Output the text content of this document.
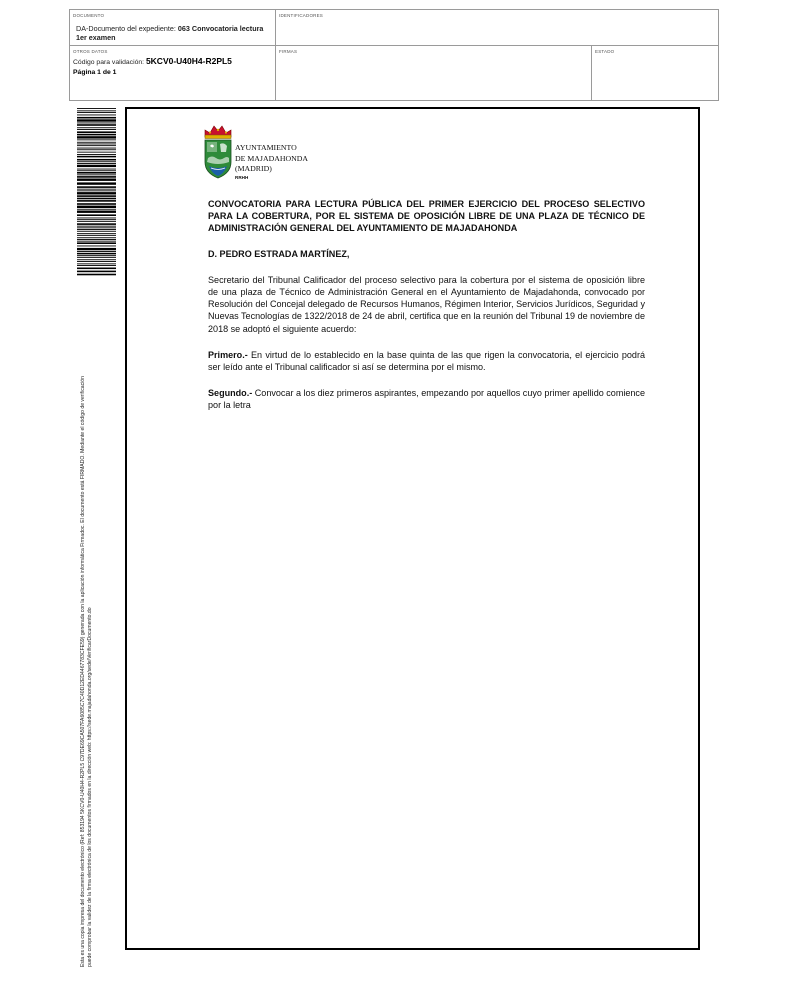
DOCUMENTO
DA-Documento del expediente: 063 Convocatoria lectura 1er examen
IDENTIFICADORES
OTROS DATOS
Código para validación: 5KCV0-U40H4-R2PL5
Página 1 de 1
FIRMAS	ESTADO
Esta es una copia impresa del documento electrónico (Ref: 853194 5KCV0-U40H4-R2PL5 C97DE69CA507FA6085C7C40D12ED4467783CFE59) generada con la aplicación informática Firmadoc. El documento está FIRMADO. Mediante el código de verificación puede comprobar la validez de la firma electrónica de los documentos firmados en la dirección web: https://sede.majadahonda.org/sede/VerificarDocumento.do
AYUNTAMIENTO
DE MAJADAHONDA
(MADRID)
RRHH

CONVOCATORIA PARA LECTURA PÚBLICA DEL PRIMER EJERCICIO DEL PROCESO SELECTIVO PARA LA COBERTURA, POR EL SISTEMA DE OPOSICIÓN LIBRE DE UNA PLAZA DE TÉCNICO DE ADMINISTRACIÓN GENERAL DEL AYUNTAMIENTO DE MAJADAHONDA

D. PEDRO ESTRADA MARTÍNEZ,

Secretario del Tribunal Calificador del proceso selectivo para la cobertura por el sistema de oposición libre de una plaza de Técnico de Administración General en el Ayuntamiento de Majadahonda, convocado por Resolución del Concejal delegado de Recursos Humanos, Régimen Interior, Servicios Jurídicos, Seguridad y Nuevas Tecnologías de 1322/2018 de 24 de abril, certifica que en la reunión del Tribunal 19 de noviembre de 2018 se adoptó el siguiente acuerdo:

Primero.- En virtud de lo establecido en la base quinta de las que rigen la convocatoria, el ejercicio podrá ser leído ante el Tribunal calificador si así se determina por el mismo.

Segundo.- Convocar a los diez primeros aspirantes, empezando por aquellos cuyo primer apellido comience por la letra
